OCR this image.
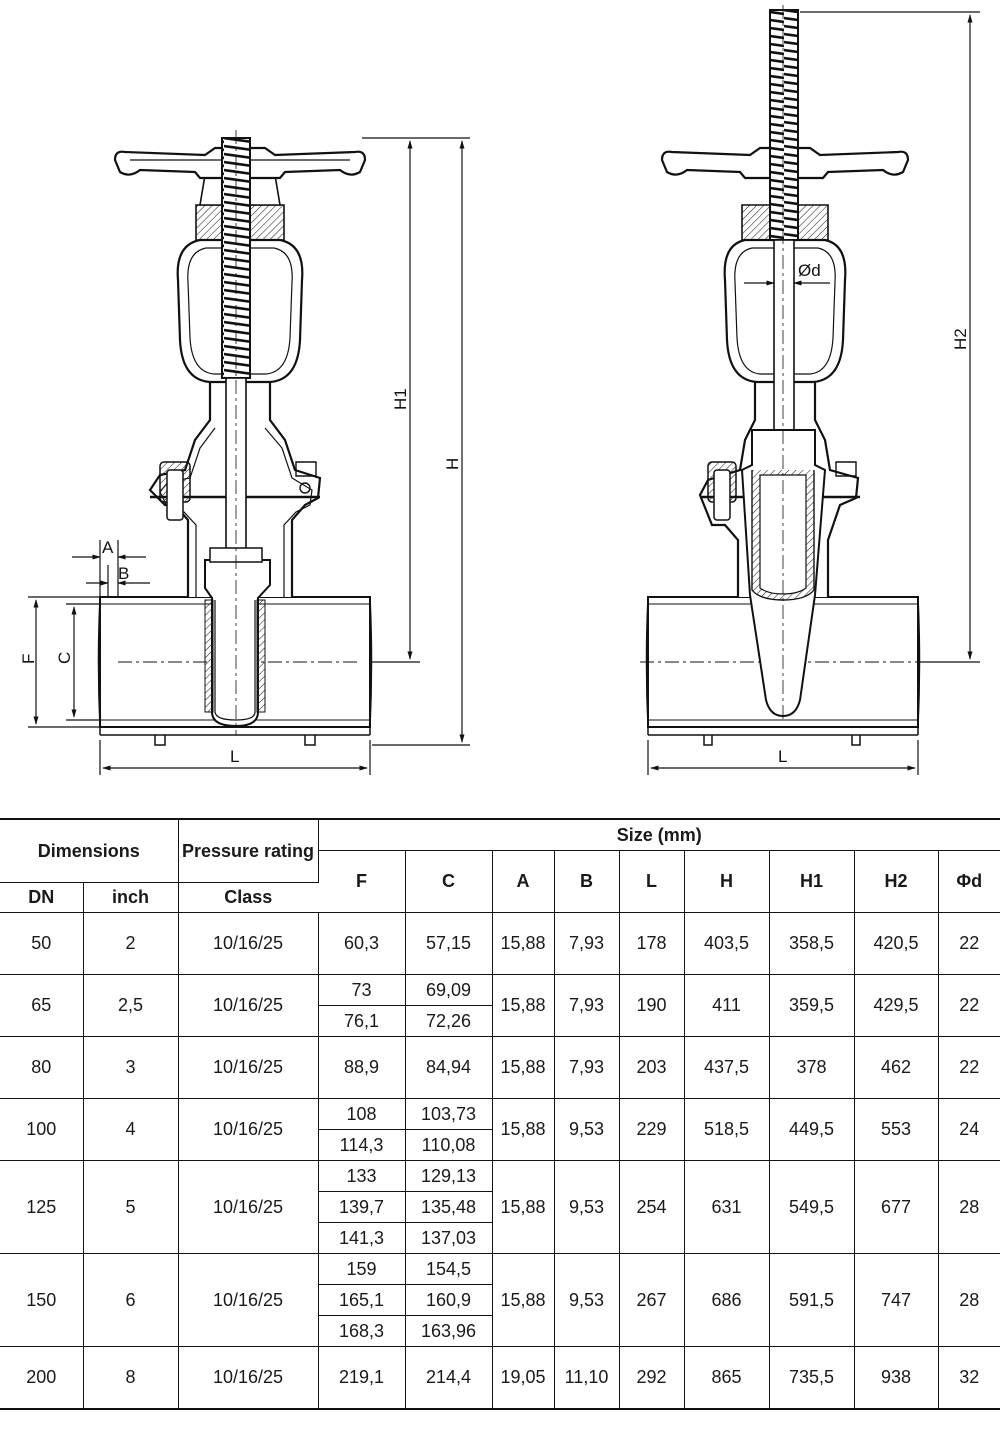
A
B
F C
L
H1
H
L
H2
Ød
Dimensions		Pressure rating	Size (mm)								
			F	C	A	B	L	H	H1	H2	Φd
DN	inch	Class									
50	2	10/16/25	60,3	57,15	15,88	7,93	178	403,5	358,5	420,5	22
65	2,5	10/16/25	73	69,09	15,88	7,93	190	411	359,5	429,5	22
			76,1	72,26							
80	3	10/16/25	88,9	84,94	15,88	7,93	203	437,5	378	462	22
100	4	10/16/25	108	103,73	15,88	9,53	229	518,5	449,5	553	24
			114,3	110,08							
125	5	10/16/25	133	129,13	15,88	9,53	254	631	549,5	677	28
			139,7	135,48							
			141,3	137,03							
150	6	10/16/25	159	154,5	15,88	9,53	267	686	591,5	747	28
			165,1	160,9							
			168,3	163,96							
200	8	10/16/25	219,1	214,4	19,05	11,10	292	865	735,5	938	32
